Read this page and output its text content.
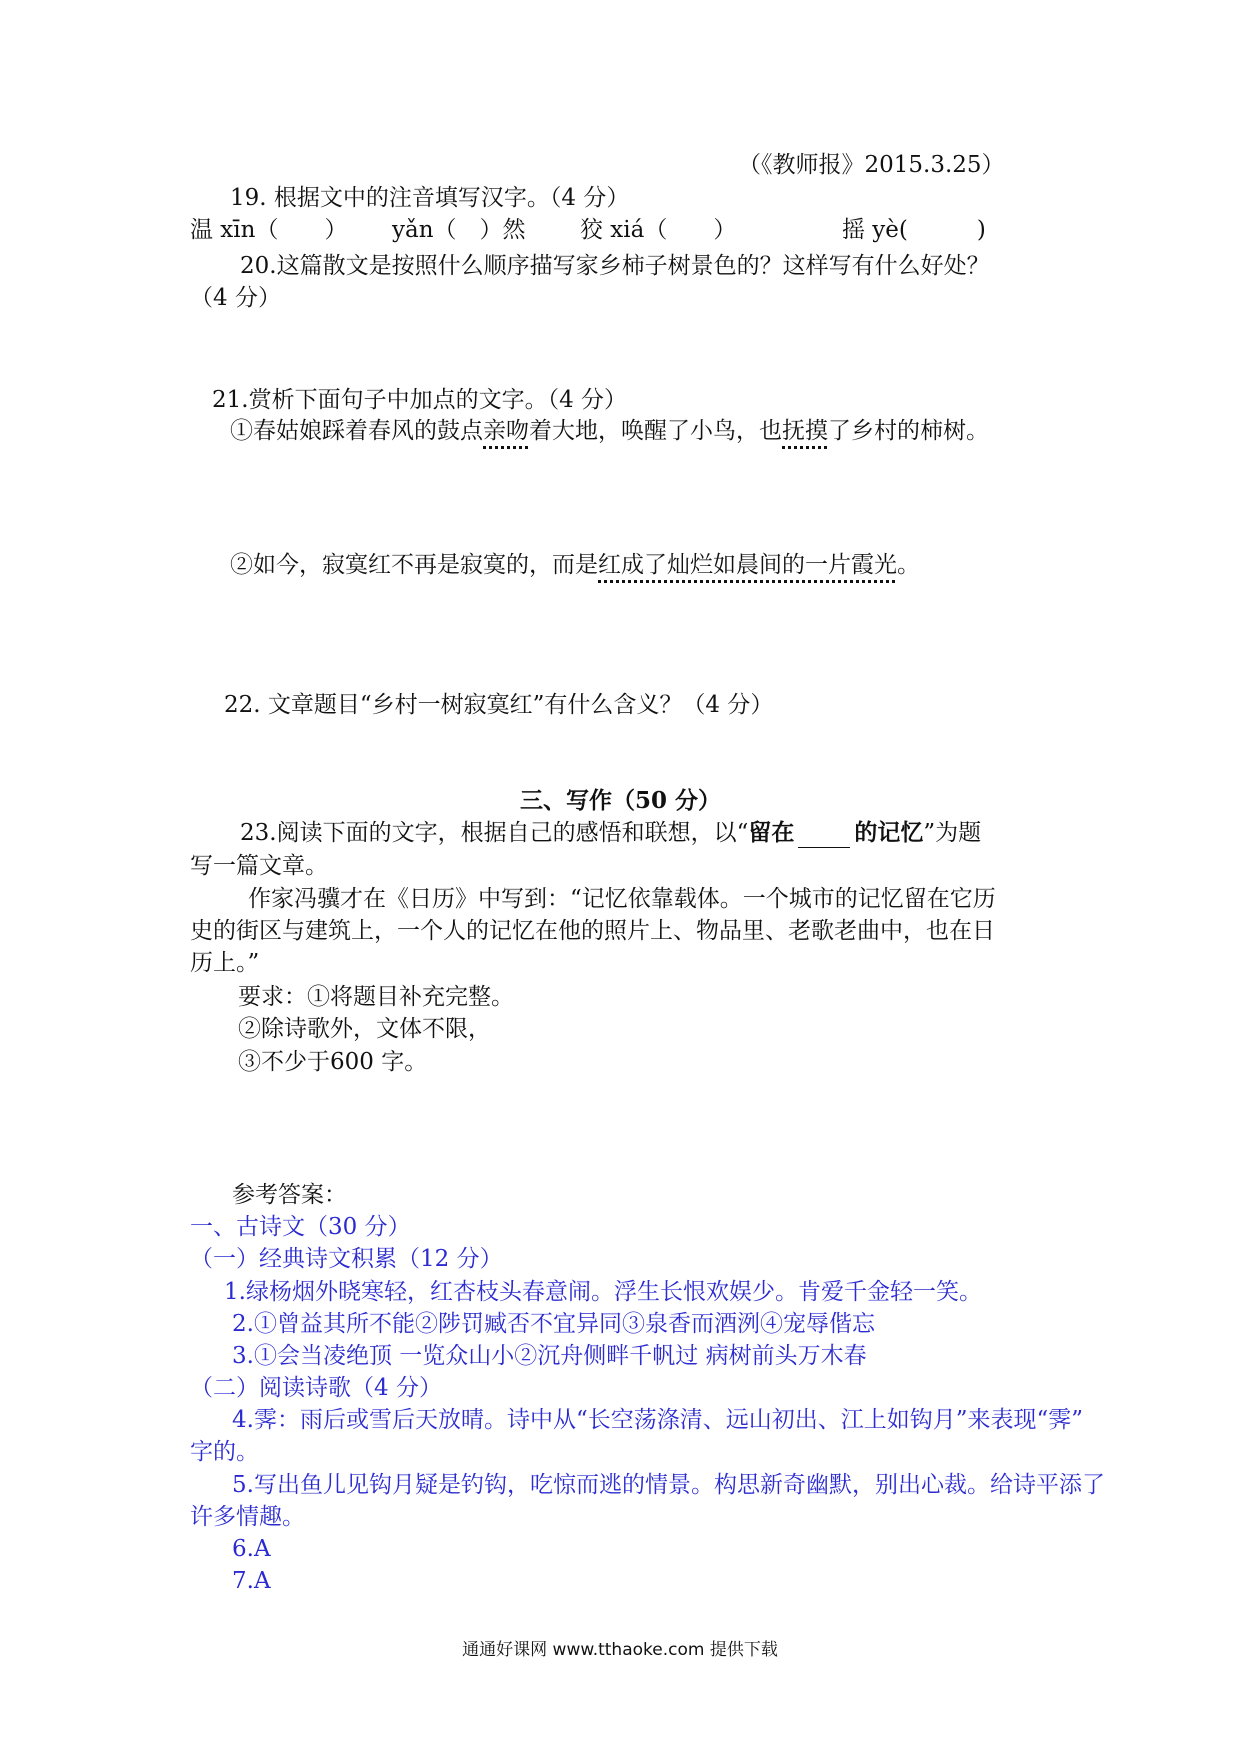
（《教师报》2015.3.25）
19. 根据文中的注音填写汉字。（4 分）
温 xīn（　　） yǎn（　）然 狡 xiá（　　）	摇 yè(　　　)
20.这篇散文是按照什么顺序描写家乡柿子树景色的？这样写有什么好处？
（4 分）
21.赏析下面句子中加点的文字。（4 分）
①春姑娘踩着春风的鼓点亲吻着大地，唤醒了小鸟，也抚摸了乡村的柿树。
②如今，寂寞红不再是寂寞的，而是红成了灿烂如晨间的一片霞光。
22. 文章题目“乡村一树寂寞红”有什么含义？（4 分）
三、写作（50 分）
23.阅读下面的文字，根据自己的感悟和联想，以“留在	的记忆”为题
写一篇文章。
作家冯骥才在《日历》中写到：“记忆依靠载体。一个城市的记忆留在它历
史的街区与建筑上，一个人的记忆在他的照片上、物品里、老歌老曲中，也在日
历上。”
要求：①将题目补充完整。
②除诗歌外，文体不限，
③不少于600 字。
参考答案：
一、古诗文（30 分）
（一）经典诗文积累（12 分）
1.绿杨烟外晓寒轻，红杏枝头春意闹。浮生长恨欢娱少。肯爱千金轻一笑。
2.①曾益其所不能②陟罚臧否不宜异同③泉香而酒洌④宠辱偕忘
3.①会当凌绝顶 一览众山小②沉舟侧畔千帆过 病树前头万木春
（二）阅读诗歌（4 分）
4.霁：雨后或雪后天放晴。诗中从“长空荡涤清、远山初出、江上如钩月”来表现“霁”
字的。
5.写出鱼儿见钩月疑是钓钩，吃惊而逃的情景。构思新奇幽默，别出心裁。给诗平添了
许多情趣。
6.A
7.A
通通好课网 www.tthaoke.com 提供下载
